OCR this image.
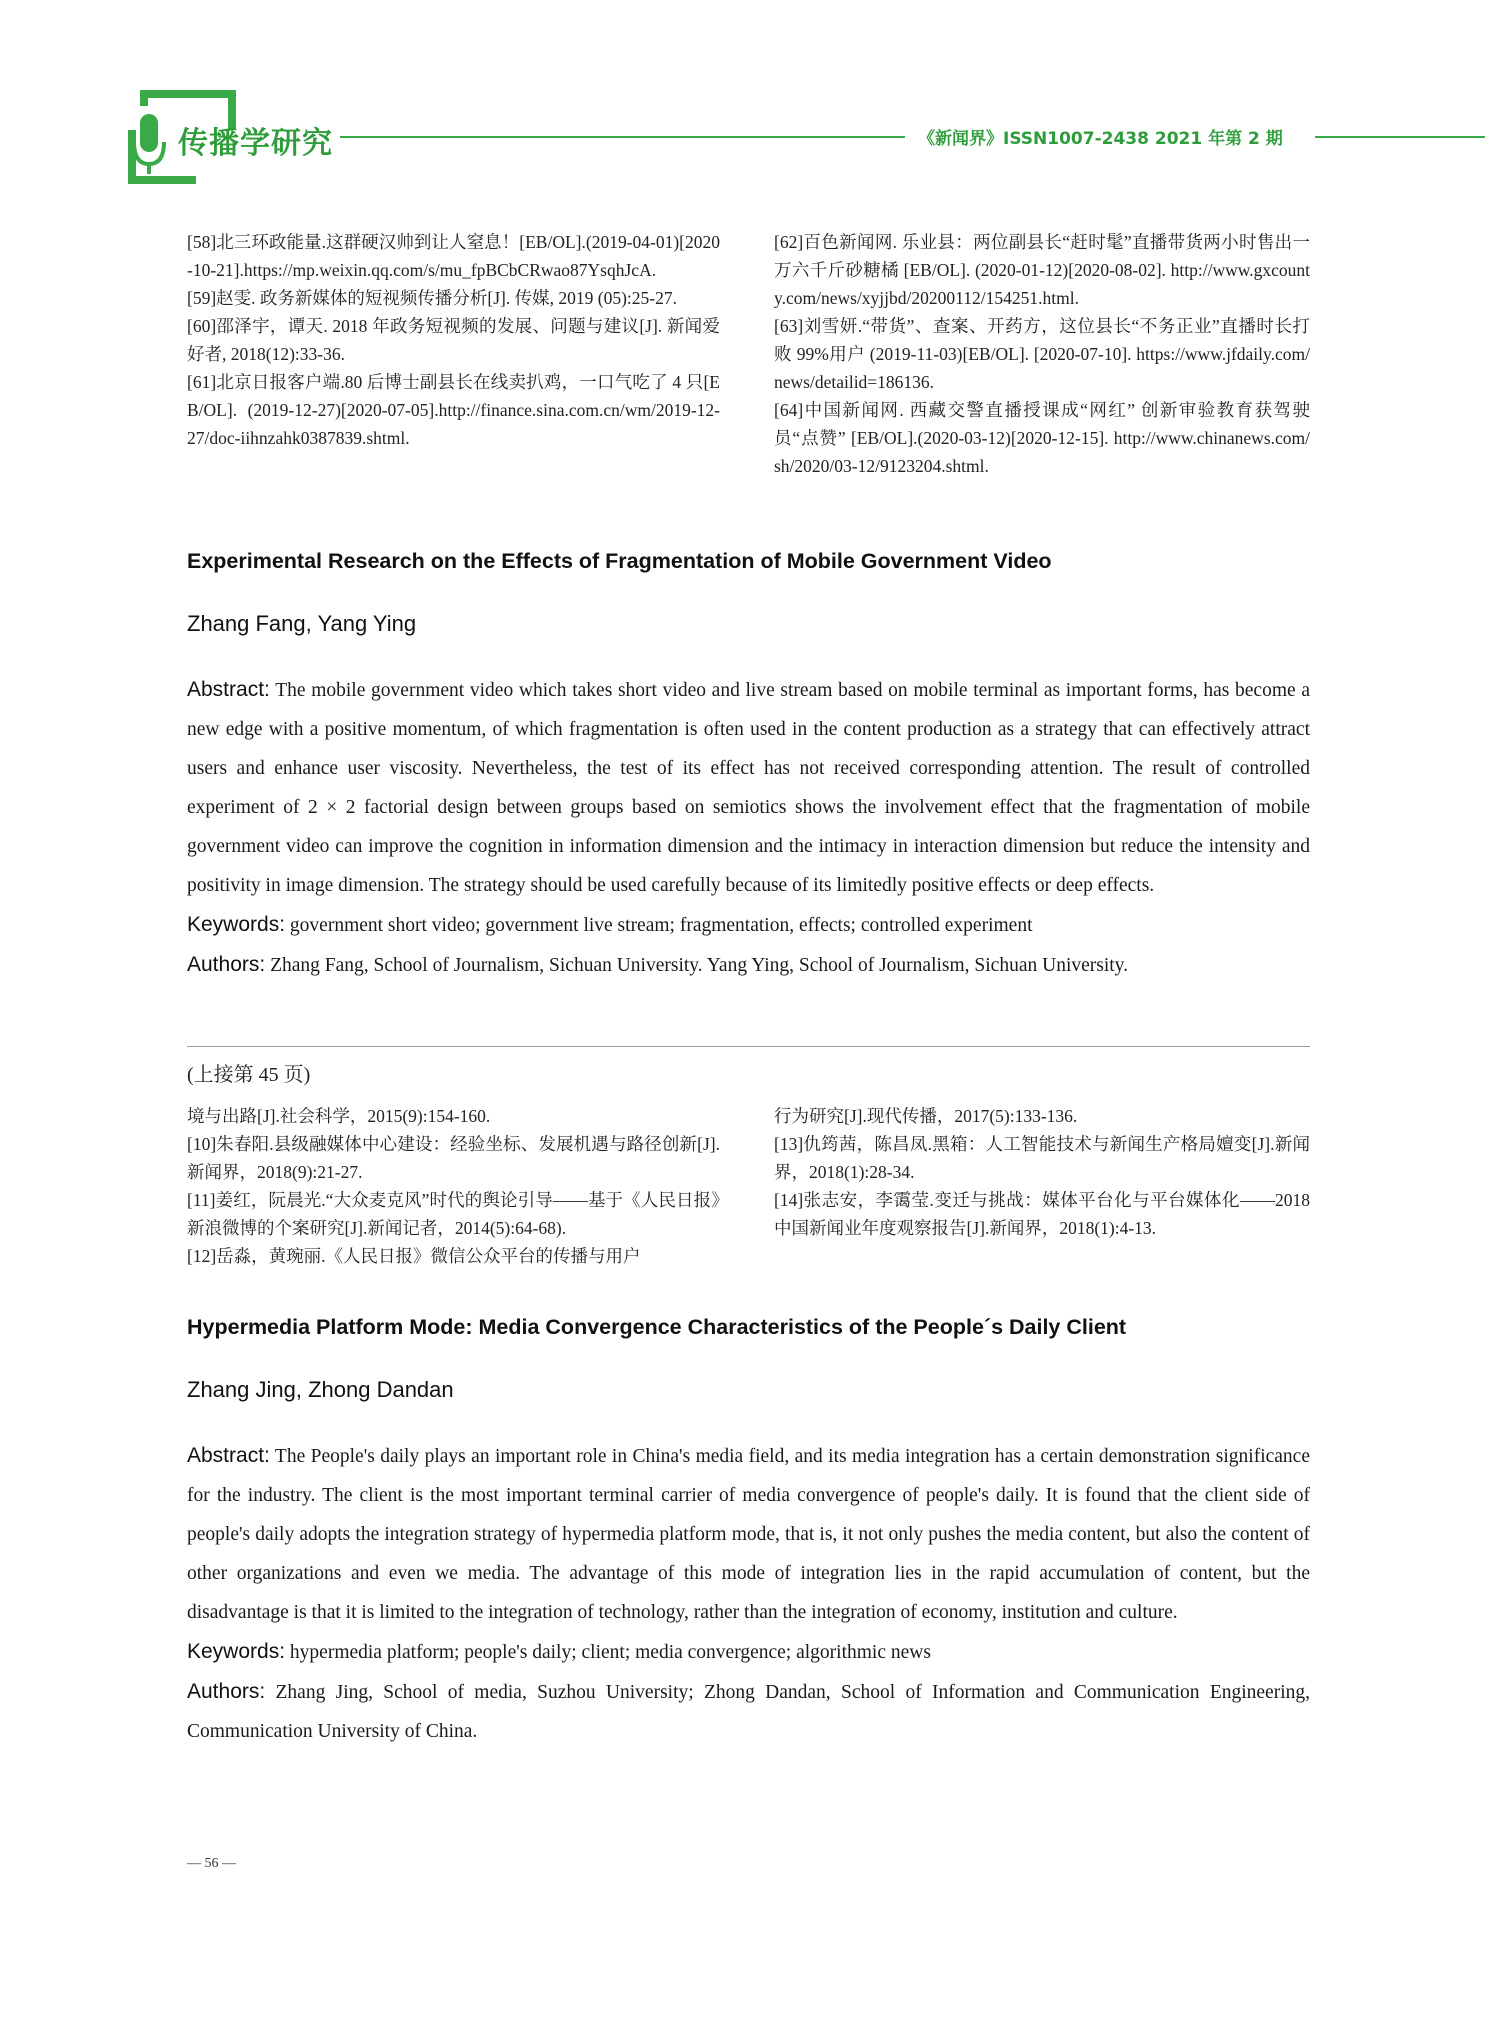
传播学研究	《新闻界》ISSN1007-2438 2021 年第 2 期

[58]北三环政能量.这群硬汉帅到让人窒息！[EB/OL].(2019-04-01)[2020-10-21].https://mp.weixin.qq.com/s/mu_fpBCbCRwao87YsqhJcA.

[59]赵雯. 政务新媒体的短视频传播分析[J]. 传媒, 2019 (05):25-27.

[60]邵泽宇，谭天. 2018 年政务短视频的发展、问题与建议[J]. 新闻爱好者, 2018(12):33-36.

[61]北京日报客户端.80 后博士副县长在线卖扒鸡，一口气吃了 4 只[EB/OL]. (2019-12-27)[2020-07-05].http://finance.sina.com.cn/wm/2019-12-27/doc-iihnzahk0387839.shtml.

[62]百色新闻网. 乐业县：两位副县长“赶时髦”直播带货两小时售出一万六千斤砂糖橘 [EB/OL]. (2020-01-12)[2020-08-02]. http://www.gxcounty.com/news/xyjjbd/20200112/154251.html.

[63]刘雪妍.“带货”、查案、开药方，这位县长“不务正业”直播时长打败 99%用户 (2019-11-03)[EB/OL]. [2020-07-10]. https://www.jfdaily.com/news/detailid=186136.

[64]中国新闻网. 西藏交警直播授课成“网红” 创新审验教育获驾驶员“点赞” [EB/OL].(2020-03-12)[2020-12-15]. http://www.chinanews.com/sh/2020/03-12/9123204.shtml.

Experimental Research on the Effects of Fragmentation of Mobile Government Video
Zhang Fang, Yang Ying

Abstract: The mobile government video which takes short video and live stream based on mobile terminal as important forms, has become a new edge with a positive momentum, of which fragmentation is often used in the content production as a strategy that can effectively attract users and enhance user viscosity. Nevertheless, the test of its effect has not received corresponding attention. The result of controlled experiment of 2 × 2 factorial design between groups based on semiotics shows the involvement effect that the fragmentation of mobile government video can improve the cognition in information dimension and the intimacy in interaction dimension but reduce the intensity and positivity in image dimension. The strategy should be used carefully because of its limitedly positive effects or deep effects.

Keywords: government short video; government live stream; fragmentation, effects; controlled experiment

Authors: Zhang Fang, School of Journalism, Sichuan University. Yang Ying, School of Journalism, Sichuan University.

(上接第 45 页)

境与出路[J].社会科学，2015(9):154-160.

[10]朱春阳.县级融媒体中心建设：经验坐标、发展机遇与路径创新[J].新闻界，2018(9):21-27.

[11]姜红，阮晨光.“大众麦克风”时代的舆论引导——基于《人民日报》新浪微博的个案研究[J].新闻记者，2014(5):64-68).

[12]岳淼，黄琬丽.《人民日报》微信公众平台的传播与用户

行为研究[J].现代传播，2017(5):133-136.

[13]仇筠茜，陈昌凤.黑箱：人工智能技术与新闻生产格局嬗变[J].新闻界，2018(1):28-34.

[14]张志安，李霭莹.变迁与挑战：媒体平台化与平台媒体化——2018 中国新闻业年度观察报告[J].新闻界，2018(1):4-13.

Hypermedia Platform Mode: Media Convergence Characteristics of the People´s Daily Client
Zhang Jing, Zhong Dandan

Abstract: The People's daily plays an important role in China's media field, and its media integration has a certain demonstration significance for the industry. The client is the most important terminal carrier of media convergence of people's daily. It is found that the client side of people's daily adopts the integration strategy of hypermedia platform mode, that is, it not only pushes the media content, but also the content of other organizations and even we media. The advantage of this mode of integration lies in the rapid accumulation of content, but the disadvantage is that it is limited to the integration of technology, rather than the integration of economy, institution and culture.

Keywords: hypermedia platform; people's daily; client; media convergence; algorithmic news

Authors: Zhang Jing, School of media, Suzhou University; Zhong Dandan, School of Information and Communication Engineering, Communication University of China.

— 56 —
